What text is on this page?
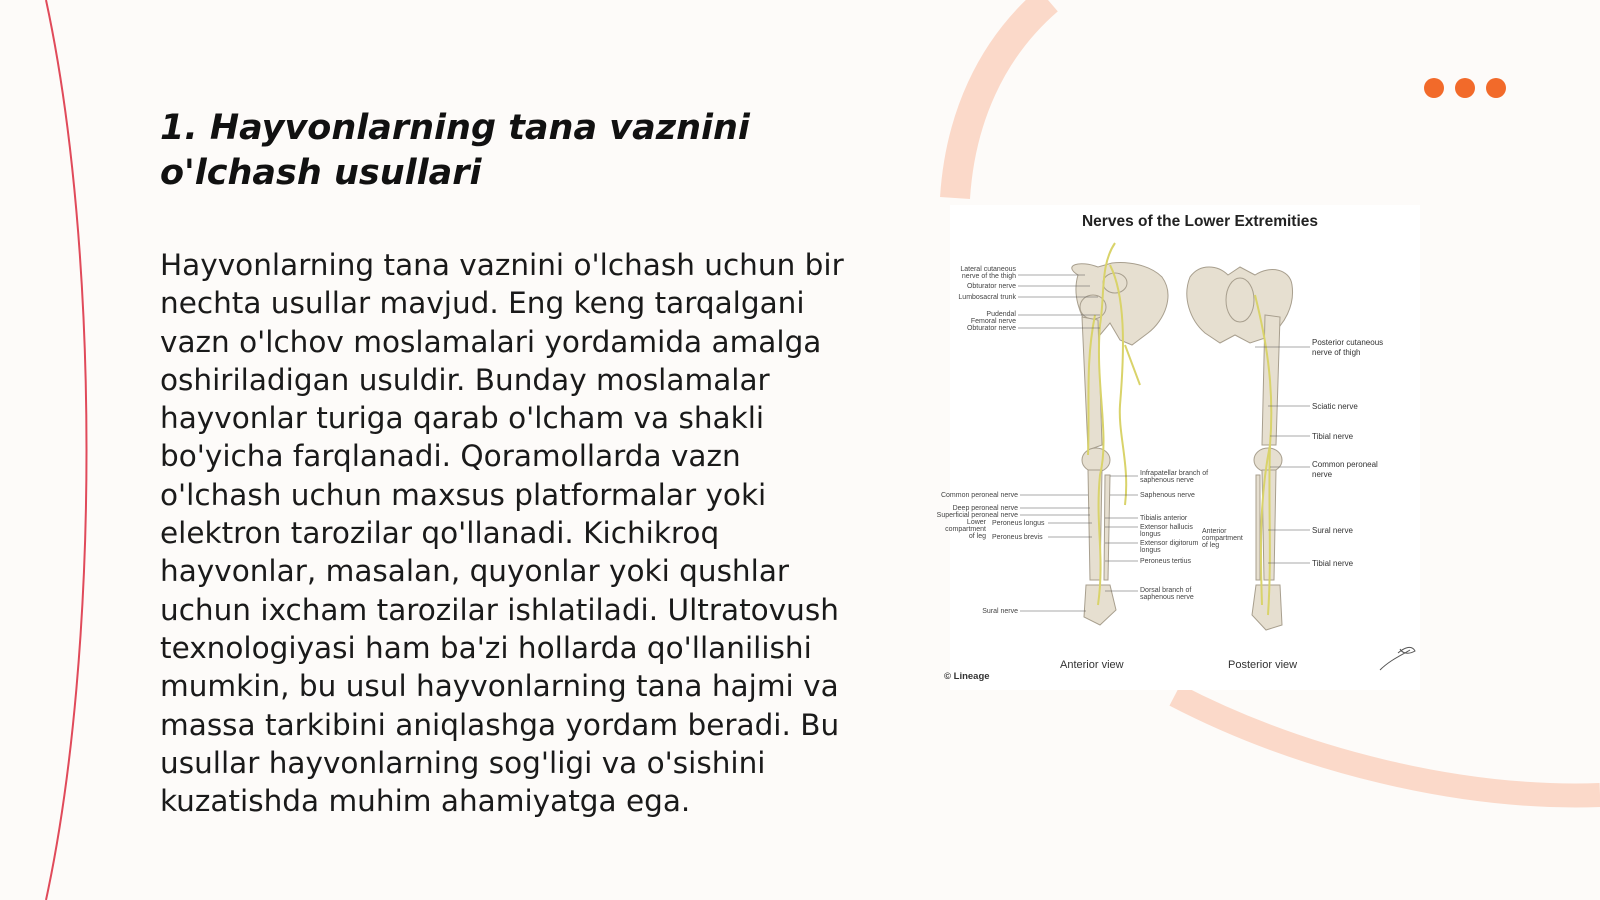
1. Hayvonlarning tana vaznini o'lchash usullari

Hayvonlarning tana vaznini o'lchash uchun bir nechta usullar mavjud. Eng keng tarqalgani vazn o'lchov moslamalari yordamida amalga oshiriladigan usuldir. Bunday moslamalar hayvonlar turiga qarab o'lcham va shakli bo'yicha farqlanadi. Qoramollarda vazn o'lchash uchun maxsus platformalar yoki elektron tarozilar qo'llanadi. Kichikroq hayvonlar, masalan, quyonlar yoki qushlar uchun ixcham tarozilar ishlatiladi. Ultratovush texnologiyasi ham ba'zi hollarda qo'llanilishi mumkin, bu usul hayvonlarning tana hajmi va massa tarkibini aniqlashga yordam beradi. Bu usullar hayvonlarning sog'ligi va o'sishini kuzatishda muhim ahamiyatga ega.

Lateral cutaneous
nerve of the thigh
Obturator nerve
Lumbosacral trunk
Pudendal
Femoral nerve
Obturator nerve
Common peroneal nerve
Deep peroneal nerve
Superficial peroneal nerve
Lower
compartment
of leg
Peroneus longus
Peroneus brevis
Sural nerve
Infrapatellar branch of
saphenous nerve
Saphenous nerve
Tibialis anterior
Extensor hallucis
longus
Extensor digitorum
longus
Peroneus tertius
Dorsal branch of
saphenous nerve
Anterior
compartment
of leg
Posterior cutaneous
nerve of thigh
Sciatic nerve
Tibial nerve
Common peroneal
nerve
Sural nerve
Tibial nerve
Nerves of the Lower Extremities
Anterior view	Posterior view
© Lineage
